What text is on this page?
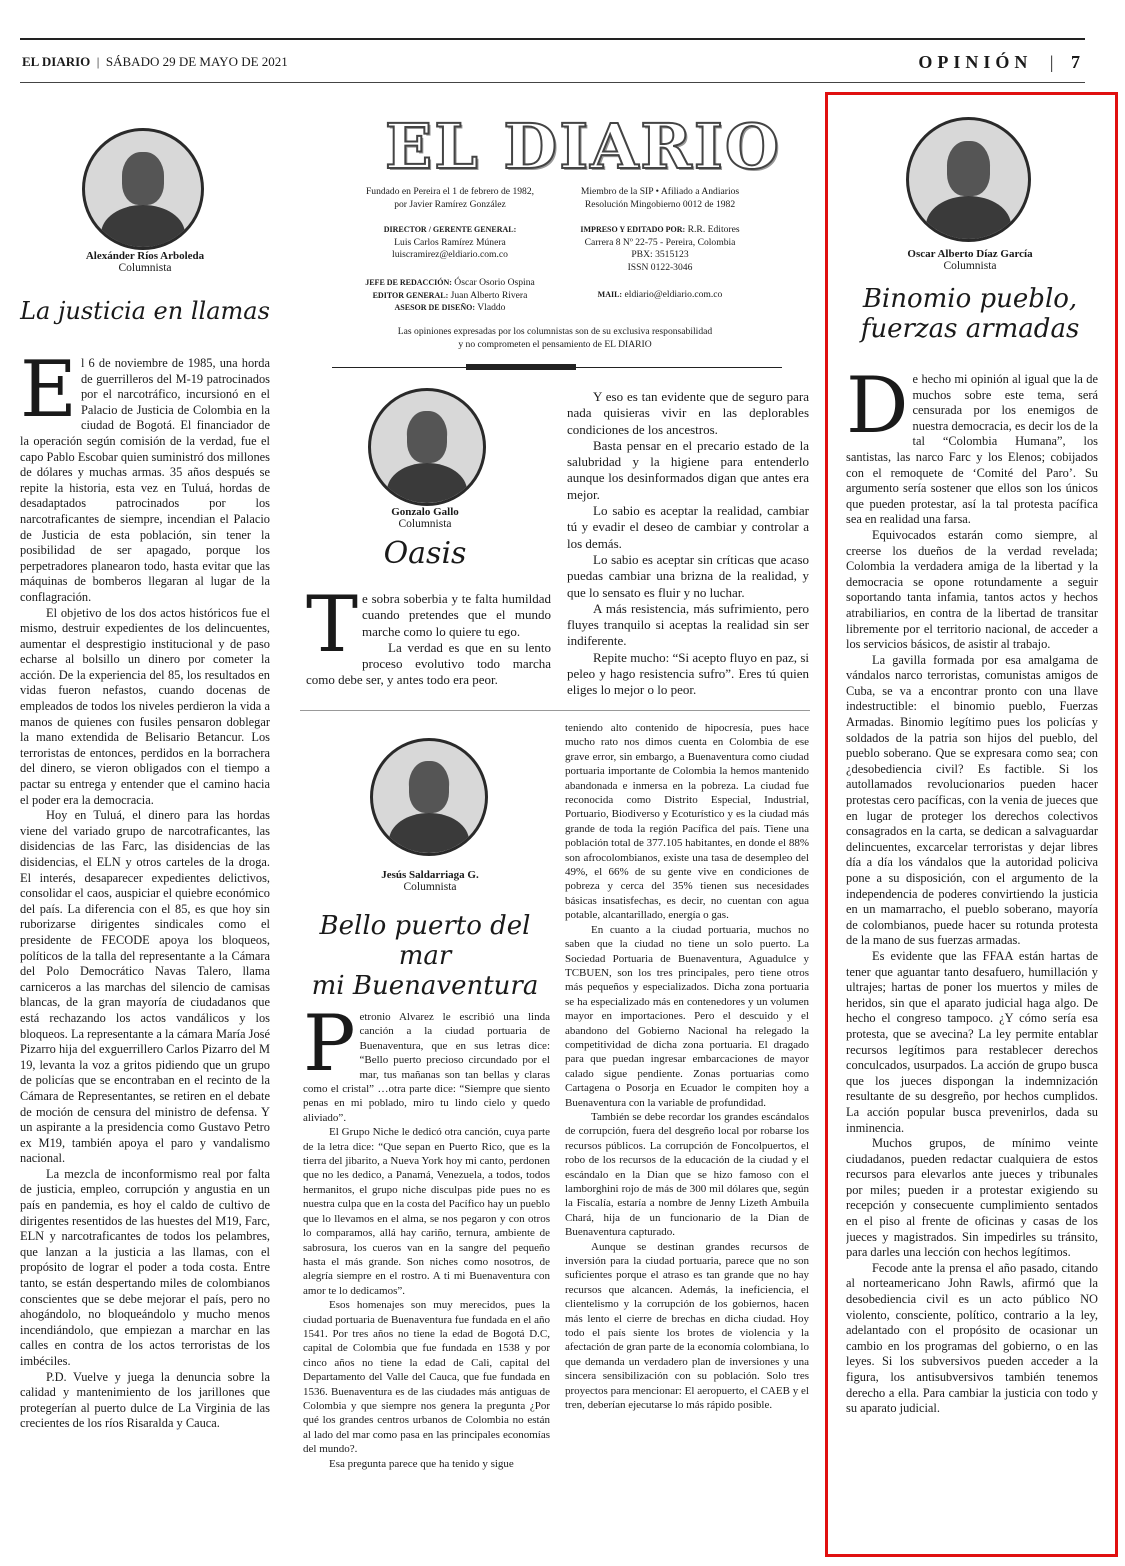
EL DIARIO  |  SÁBADO 29 DE MAYO DE 2021	OPINIÓN | 7
Alexánder Ríos Arboleda
Columnista
La justicia en llamas
E l 6 de noviembre de 1985, una horda de guerrilleros del M-19 patrocinados por el narcotráfico, incursionó en el Palacio de Justicia de Colombia en la ciudad de Bogotá. El financiador de la operación según comisión de la verdad, fue el capo Pablo Escobar quien suministró dos millones de dólares y muchas armas. 35 años después se repite la historia, esta vez en Tuluá, hordas de desadaptados patrocinados por los narcotraficantes de siempre, incendian el Palacio de Justicia de esta población, sin tener la posibilidad de ser apagado, porque los perpetradores planearon todo, hasta evitar que las máquinas de bomberos llegaran al lugar de la conflagración.

El objetivo de los dos actos históricos fue el mismo, destruir expedientes de los delincuentes, aumentar el desprestigio institucional y de paso echarse al bolsillo un dinero por cometer la acción. De la experiencia del 85, los resultados en vidas fueron nefastos, cuando docenas de empleados de todos los niveles perdieron la vida a manos de quienes con fusiles pensaron doblegar la mano extendida de Belisario Betancur. Los terroristas de entonces, perdidos en la borrachera del dinero, se vieron obligados con el tiempo a pactar su entrega y entender que el camino hacia el poder era la democracia.

Hoy en Tuluá, el dinero para las hordas viene del variado grupo de narcotraficantes, las disidencias de las Farc, las disidencias de las disidencias, el ELN y otros carteles de la droga. El interés, desaparecer expedientes delictivos, consolidar el caos, auspiciar el quiebre económico del país. La diferencia con el 85, es que hoy sin ruborizarse dirigentes sindicales como el presidente de FECODE apoya los bloqueos, políticos de la talla del representante a la Cámara del Polo Democrático Navas Talero, llama carniceros a las marchas del silencio de camisas blancas, de la gran mayoría de ciudadanos que está rechazando los actos vandálicos y los bloqueos. La representante a la cámara María José Pizarro hija del exguerrillero Carlos Pizarro del M 19, levanta la voz a gritos pidiendo que un grupo de policías que se encontraban en el recinto de la Cámara de Representantes, se retiren en el debate de moción de censura del ministro de defensa. Y un aspirante a la presidencia como Gustavo Petro ex M19, también apoya el paro y vandalismo nacional.

La mezcla de inconformismo real por falta de justicia, empleo, corrupción y angustia en un país en pandemia, es hoy el caldo de cultivo de dirigentes resentidos de las huestes del M19, Farc, ELN y narcotraficantes de todos los pelambres, que lanzan a la justicia a las llamas, con el propósito de lograr el poder a toda costa. Entre tanto, se están despertando miles de colombianos conscientes que se debe mejorar el país, pero no ahogándolo, no bloqueándolo y mucho menos incendiándolo, que empiezan a marchar en las calles en contra de los actos terroristas de los imbéciles.

P.D. Vuelve y juega la denuncia sobre la calidad y mantenimiento de los jarillones que protegerían al puerto dulce de La Virginia de las crecientes de los ríos Risaralda y Cauca.

EL DIARIO
Fundado en Pereira el 1 de febrero de 1982,
por Javier Ramírez González
Miembro de la SIP • Afiliado a Andiarios
Resolución Mingobierno 0012 de 1982
DIRECTOR / GERENTE GENERAL:
Luis Carlos Ramírez Múnera
luiscramirez@eldiario.com.co
IMPRESO Y EDITADO POR: R.R. Editores
Carrera 8 Nº 22-75 - Pereira, Colombia
PBX: 3515123
ISSN 0122-3046
JEFE DE REDACCIÓN: Óscar Osorio Ospina
EDITOR GENERAL: Juan Alberto Rivera
ASESOR DE DISEÑO: Vladdo
MAIL: eldiario@eldiario.com.co
Las opiniones expresadas por los columnistas son de su exclusiva responsabilidad
y no comprometen el pensamiento de EL DIARIO
Gonzalo Gallo
Columnista
Oasis
T e sobra soberbia y te falta humildad cuando pretendes que el mundo marche como lo quiere tu ego.

La verdad es que en su lento proceso evolutivo todo marcha como debe ser, y antes todo era peor.

Y eso es tan evidente que de seguro para nada quisieras vivir en las deplorables condiciones de los ancestros.

Basta pensar en el precario estado de la salubridad y la higiene para entenderlo aunque los desinformados digan que antes era mejor.

Lo sabio es aceptar la realidad, cambiar tú y evadir el deseo de cambiar y controlar a los demás.

Lo sabio es aceptar sin críticas que acaso puedas cambiar una brizna de la realidad, y que lo sensato es fluir y no luchar.

A más resistencia, más sufrimiento, pero fluyes tranquilo si aceptas la realidad sin ser indiferente.

Repite mucho: “Si acepto fluyo en paz, si peleo y hago resistencia sufro”. Eres tú quien eliges lo mejor o lo peor.

Jesús Saldarriaga G.
Columnista
Bello puerto del mar
mi Buenaventura
P etronio Alvarez le escribió una linda canción a la ciudad portuaria de Buenaventura, que en sus letras dice: “Bello puerto precioso circundado por el mar, tus mañanas son tan bellas y claras como el cristal” …otra parte dice: “Siempre que siento penas en mi poblado, miro tu lindo cielo y quedo aliviado”.

El Grupo Niche le dedicó otra canción, cuya parte de la letra dice: “Que sepan en Puerto Rico, que es la tierra del jibarito, a Nueva York hoy mi canto, perdonen que no les dedico, a Panamá, Venezuela, a todos, todos hermanitos, el grupo niche disculpas pide pues no es nuestra culpa que en la costa del Pacífico hay un pueblo que lo llevamos en el alma, se nos pegaron y con otros lo comparamos, allá hay cariño, ternura, ambiente de sabrosura, los cueros van en la sangre del pequeño hasta el más grande. Son niches como nosotros, de alegría siempre en el rostro. A ti mi Buenaventura con amor te lo dedicamos”.

Esos homenajes son muy merecidos, pues la ciudad portuaria de Buenaventura fue fundada en el año 1541. Por tres años no tiene la edad de Bogotá D.C, capital de Colombia que fue fundada en 1538 y por cinco años no tiene la edad de Cali, capital del Departamento del Valle del Cauca, que fue fundada en 1536. Buenaventura es de las ciudades más antiguas de Colombia y que siempre nos genera la pregunta ¿Por qué los grandes centros urbanos de Colombia no están al lado del mar como pasa en las principales economías del mundo?.

Esa pregunta parece que ha tenido y sigue

teniendo alto contenido de hipocresía, pues hace mucho rato nos dimos cuenta en Colombia de ese grave error, sin embargo, a Buenaventura como ciudad portuaria importante de Colombia la hemos mantenido abandonada e inmersa en la pobreza. La ciudad fue reconocida como Distrito Especial, Industrial, Portuario, Biodiverso y Ecoturístico y es la ciudad más grande de toda la región Pacífica del país. Tiene una población total de 377.105 habitantes, en donde el 88% son afrocolombianos, existe una tasa de desempleo del 49%, el 66% de su gente vive en condiciones de pobreza y cerca del 35% tienen sus necesidades básicas insatisfechas, es decir, no cuentan con agua potable, alcantarillado, energía o gas.

En cuanto a la ciudad portuaria, muchos no saben que la ciudad no tiene un solo puerto. La Sociedad Portuaria de Buenaventura, Aguadulce y TCBUEN, son los tres principales, pero tiene otros más pequeños y especializados. Dicha zona portuaria se ha especializado más en contenedores y un volumen mayor en importaciones. Pero el descuido y el abandono del Gobierno Nacional ha relegado la competitividad de dicha zona portuaria. El dragado para que puedan ingresar embarcaciones de mayor calado sigue pendiente. Zonas portuarias como Cartagena o Posorja en Ecuador le compiten hoy a Buenaventura con la variable de profundidad.

También se debe recordar los grandes escándalos de corrupción, fuera del desgreño local por robarse los recursos públicos. La corrupción de Foncolpuertos, el robo de los recursos de la educación de la ciudad y el escándalo en la Dian que se hizo famoso con el lamborghini rojo de más de 300 mil dólares que, según la Fiscalía, estaría a nombre de Jenny Lizeth Ambuila Chará, hija de un funcionario de la Dian de Buenaventura capturado.

Aunque se destinan grandes recursos de inversión para la ciudad portuaria, parece que no son suficientes porque el atraso es tan grande que no hay recursos que alcancen. Además, la ineficiencia, el clientelismo y la corrupción de los gobiernos, hacen más lento el cierre de brechas en dicha ciudad. Hoy todo el país siente los brotes de violencia y la afectación de gran parte de la economía colombiana, lo que demanda un verdadero plan de inversiones y una sincera sensibilización con su población. Solo tres proyectos para mencionar: El aeropuerto, el CAEB y el tren, deberían ejecutarse lo más rápido posible.

Oscar Alberto Díaz García
Columnista
Binomio pueblo,
fuerzas armadas
D e hecho mi opinión al igual que la de muchos sobre este tema, será censurada por los enemigos de nuestra democracia, es decir los de la tal “Colombia Humana”, los santistas, las narco Farc y los Elenos; cobijados con el remoquete de ‘Comité del Paro’. Su argumento sería sostener que ellos son los únicos que pueden protestar, así la tal protesta pacífica sea en realidad una farsa.

Equivocados estarán como siempre, al creerse los dueños de la verdad revelada; Colombia la verdadera amiga de la libertad y la democracia se opone rotundamente a seguir soportando tanta infamia, tantos actos y hechos atrabiliarios, en contra de la libertad de transitar libremente por el territorio nacional, de acceder a los servicios básicos, de asistir al trabajo.

La gavilla formada por esa amalgama de vándalos narco terroristas, comunistas amigos de Cuba, se va a encontrar pronto con una llave indestructible: el binomio pueblo, Fuerzas Armadas. Binomio legítimo pues los policías y soldados de la patria son hijos del pueblo, del pueblo soberano. Que se expresara como sea; con ¿desobediencia civil? Es factible. Si los autollamados revolucionarios pueden hacer protestas cero pacíficas, con la venia de jueces que en lugar de proteger los derechos colectivos consagrados en la carta, se dedican a salvaguardar delincuentes, excarcelar terroristas y dejar libres día a día los vándalos que la autoridad policiva pone a su disposición, con el argumento de la independencia de poderes convirtiendo la justicia en un mamarracho, el pueblo soberano, mayoría de colombianos, puede hacer su rotunda protesta de la mano de sus fuerzas armadas.

Es evidente que las FFAA están hartas de tener que aguantar tanto desafuero, humillación y ultrajes; hartas de poner los muertos y miles de heridos, sin que el aparato judicial haga algo. De hecho el congreso tampoco. ¿Y cómo sería esa protesta, que se avecina? La ley permite entablar recursos legítimos para restablecer derechos conculcados, usurpados. La acción de grupo busca que los jueces dispongan la indemnización resultante de su desgreño, por hechos cumplidos. La acción popular busca prevenirlos, dada su inminencia.

Muchos grupos, de mínimo veinte ciudadanos, pueden redactar cualquiera de estos recursos para elevarlos ante jueces y tribunales por miles; pueden ir a protestar exigiendo su recepción y consecuente cumplimiento sentados en el piso al frente de oficinas y casas de los jueces y magistrados. Sin impedirles su tránsito, para darles una lección con hechos legítimos.

Fecode ante la prensa el año pasado, citando al norteamericano John Rawls, afirmó que la desobediencia civil es un acto público NO violento, consciente, político, contrario a la ley, adelantado con el propósito de ocasionar un cambio en los programas del gobierno, o en las leyes. Si los subversivos pueden acceder a la figura, los antisubversivos también tenemos derecho a ella. Para cambiar la justicia con todo y su aparato judicial.
